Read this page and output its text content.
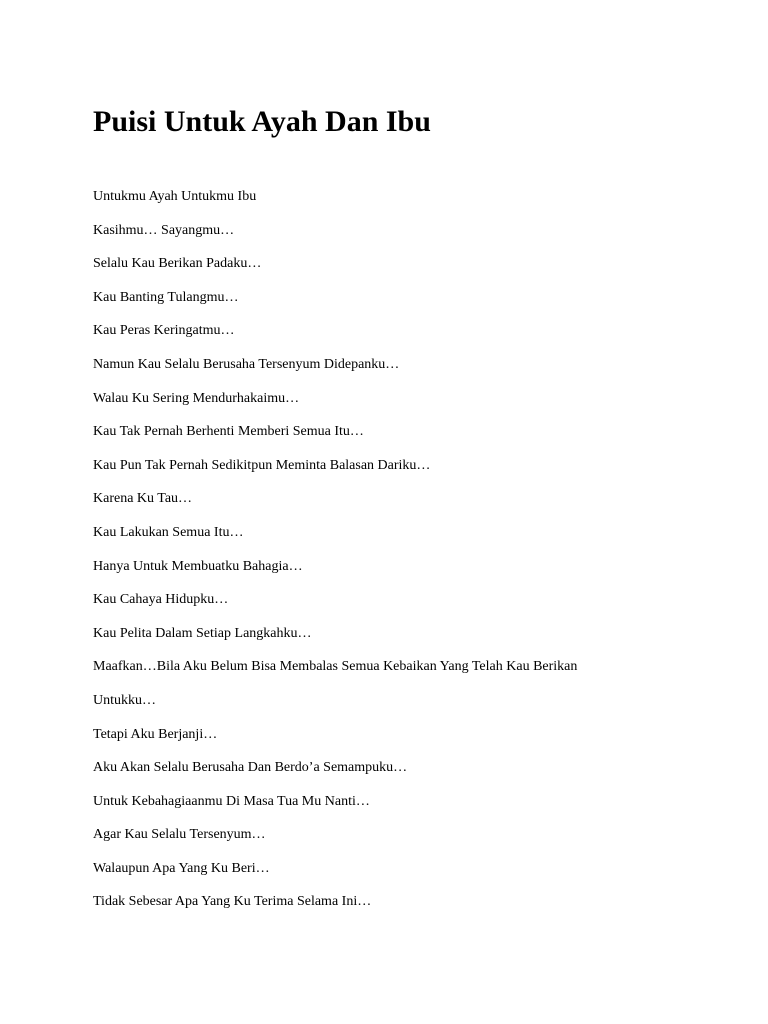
Puisi Untuk Ayah Dan Ibu
Untukmu Ayah Untukmu Ibu
Kasihmu… Sayangmu…
Selalu Kau Berikan Padaku…
Kau Banting Tulangmu…
Kau Peras Keringatmu…
Namun Kau Selalu Berusaha Tersenyum Didepanku…
Walau Ku Sering Mendurhakaimu…
Kau Tak Pernah Berhenti Memberi Semua Itu…
Kau Pun Tak Pernah Sedikitpun Meminta Balasan Dariku…
Karena Ku Tau…
Kau Lakukan Semua Itu…
Hanya Untuk Membuatku Bahagia…
Kau Cahaya Hidupku…
Kau Pelita Dalam Setiap Langkahku…
Maafkan…Bila Aku Belum Bisa Membalas Semua Kebaikan Yang Telah Kau Berikan
Untukku…
Tetapi Aku Berjanji…
Aku Akan Selalu Berusaha Dan Berdo’a Semampuku…
Untuk Kebahagiaanmu Di Masa Tua Mu Nanti…
Agar Kau Selalu Tersenyum…
Walaupun Apa Yang Ku Beri…
Tidak Sebesar Apa Yang Ku Terima Selama Ini…
